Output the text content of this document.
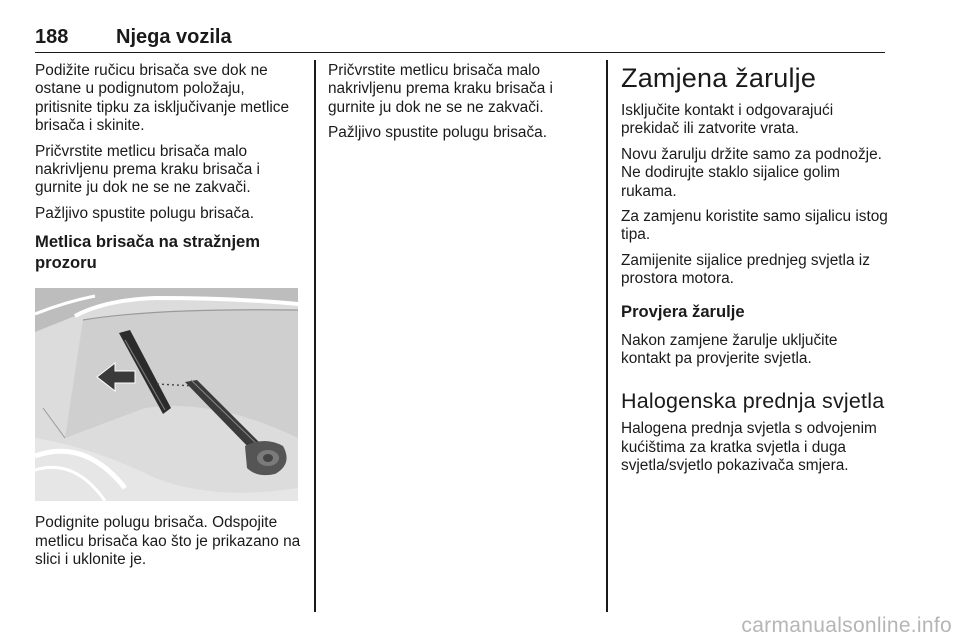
188 Njega vozila

Podižite ručicu brisača sve dok ne ostane u podignutom položaju, pritisnite tipku za isključivanje metlice brisača i skinite.

Pričvrstite metlicu brisača malo nakrivljenu prema kraku brisača i gurnite ju dok ne se ne zakvači.

Pažljivo spustite polugu brisača.

Metlica brisača na stražnjem prozoru

Podignite polugu brisača. Odspojite metlicu brisača kao što je prikazano na slici i uklonite je.

Pričvrstite metlicu brisača malo nakrivljenu prema kraku brisača i gurnite ju dok ne se ne zakvači.

Pažljivo spustite polugu brisača.

Zamjena žarulje

Isključite kontakt i odgovarajući prekidač ili zatvorite vrata.

Novu žarulju držite samo za podnožje. Ne dodirujte staklo sijalice golim rukama.

Za zamjenu koristite samo sijalicu istog tipa.

Zamijenite sijalice prednjeg svjetla iz prostora motora.

Provjera žarulje

Nakon zamjene žarulje uključite kontakt pa provjerite svjetla.

Halogenska prednja svjetla

Halogena prednja svjetla s odvojenim kućištima za kratka svjetla i duga svjetla/svjetlo pokazivača smjera.

carmanualsonline.info
